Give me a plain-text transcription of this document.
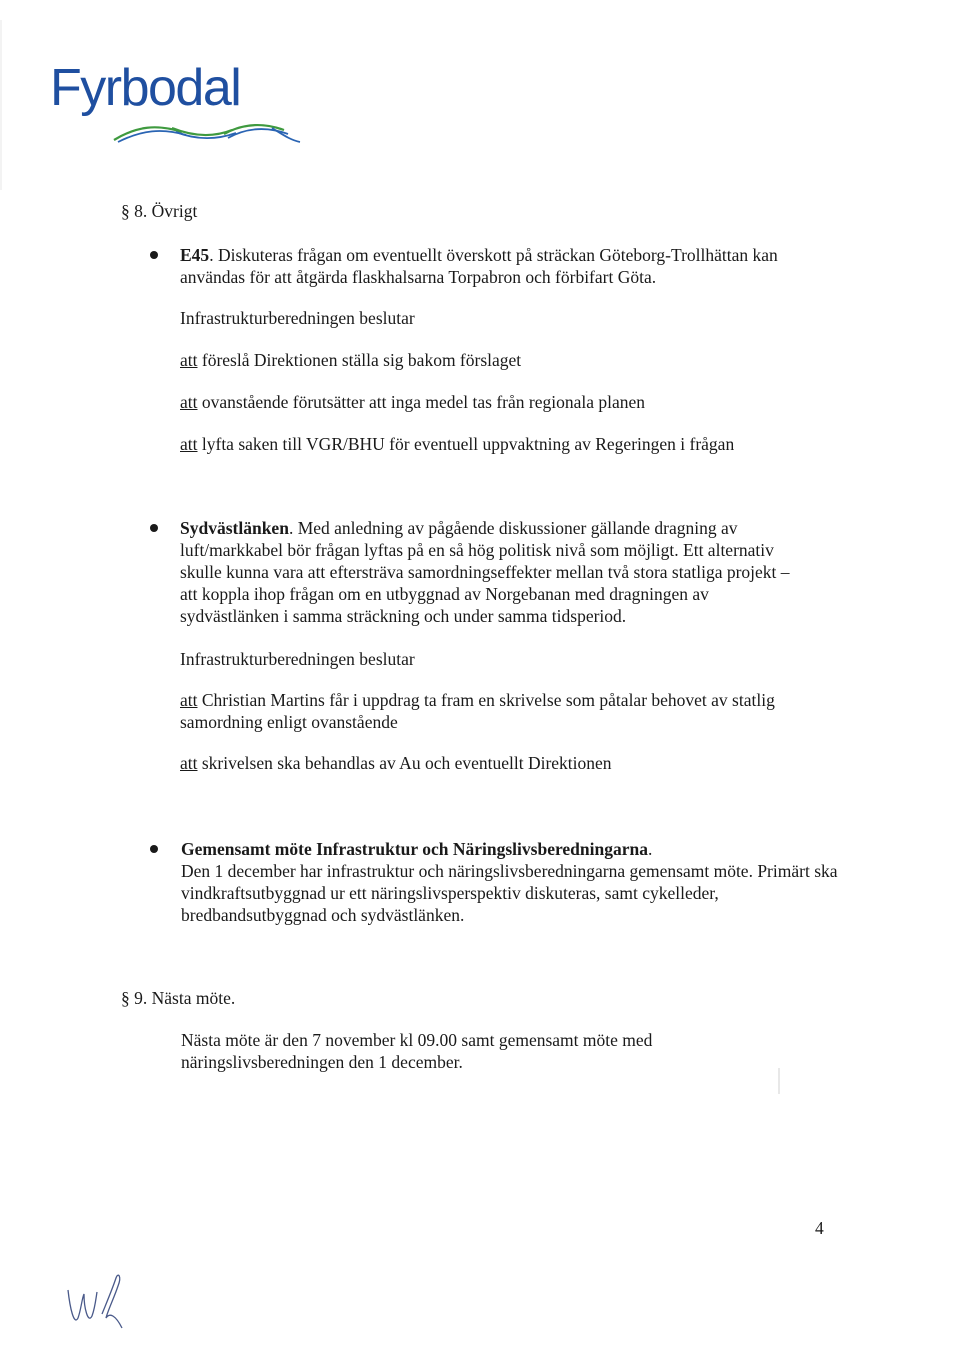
Fyrbodal
§ 8. Övrigt
E45. Diskuteras frågan om eventuellt överskott på sträckan Göteborg-Trollhättan kan användas för att åtgärda flaskhalsarna Torpabron och förbifart Göta.
Infrastrukturberedningen beslutar
att föreslå Direktionen ställa sig bakom förslaget
att ovanstående förutsätter att inga medel tas från regionala planen
att lyfta saken till VGR/BHU för eventuell uppvaktning av Regeringen i frågan
Sydvästlänken. Med anledning av pågående diskussioner gällande dragning av luft/markkabel bör frågan lyftas på en så hög politisk nivå som möjligt. Ett alternativ skulle kunna vara att eftersträva samordningseffekter mellan två stora statliga projekt – att koppla ihop frågan om en utbyggnad av Norgebanan med dragningen av sydvästlänken i samma sträckning och under samma tidsperiod.
Infrastrukturberedningen beslutar
att Christian Martins får i uppdrag ta fram en skrivelse som påtalar behovet av statlig samordning enligt ovanstående
att skrivelsen ska behandlas av Au och eventuellt Direktionen
Gemensamt möte Infrastruktur och Näringslivsberedningarna.
Den 1 december har infrastruktur och näringslivsberedningarna gemensamt möte. Primärt ska vindkraftsutbyggnad ur ett näringslivsperspektiv diskuteras, samt cykelleder, bredbandsutbyggnad och sydvästlänken.
§ 9. Nästa möte.
Nästa möte är den 7 november kl 09.00 samt gemensamt möte med näringslivsberedningen den 1 december.
4
